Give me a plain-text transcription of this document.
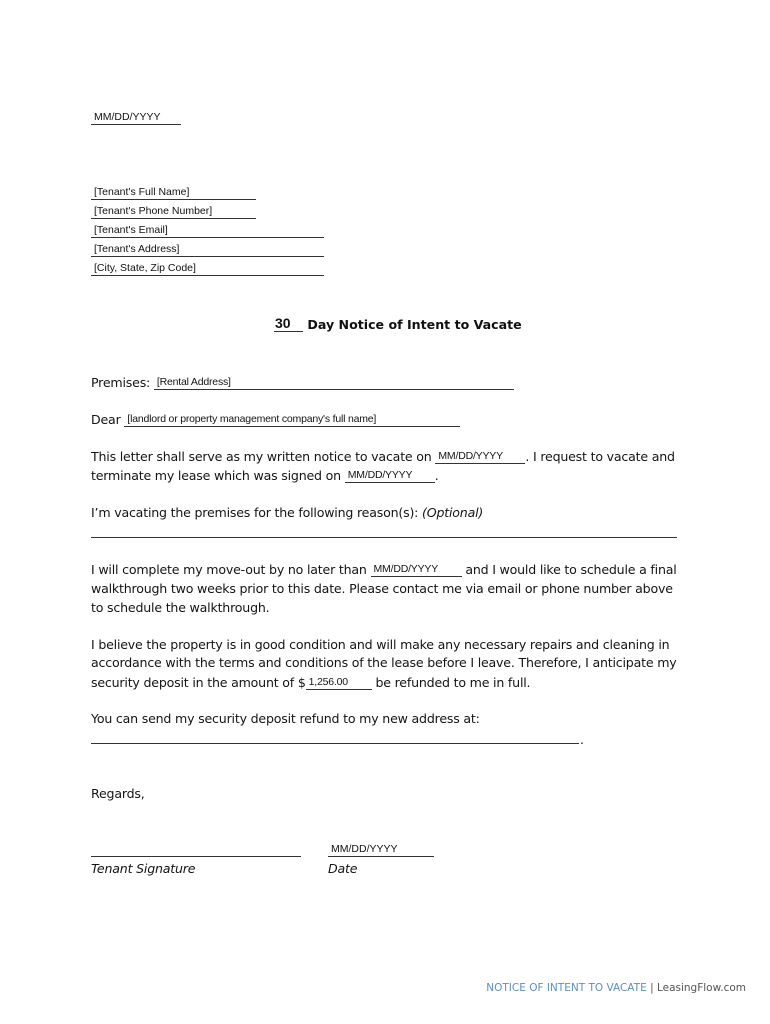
MM/DD/YYYY
[Tenant's Full Name]
[Tenant's Phone Number]
[Tenant's Email]
[Tenant's Address]
[City, State, Zip Code]
30 Day Notice of Intent to Vacate
Premises: [Rental Address]
Dear [landlord or property management company's full name]
This letter shall serve as my written notice to vacate on MM/DD/YYYY . I request to vacate and
terminate my lease which was signed on MM/DD/YYYY .
I’m vacating the premises for the following reason(s): (Optional)
I will complete my move-out by no later than MM/DD/YYYY and I would like to schedule a final
walkthrough two weeks prior to this date. Please contact me via email or phone number above
to schedule the walkthrough.
I believe the property is in good condition and will make any necessary repairs and cleaning in
accordance with the terms and conditions of the lease before I leave. Therefore, I anticipate my
security deposit in the amount of $ 1,256.00 be refunded to me in full.
You can send my security deposit refund to my new address at:
.
Regards,
Tenant Signature
MM/DD/YYYY
Date
NOTICE OF INTENT TO VACATE | LeasingFlow.com
